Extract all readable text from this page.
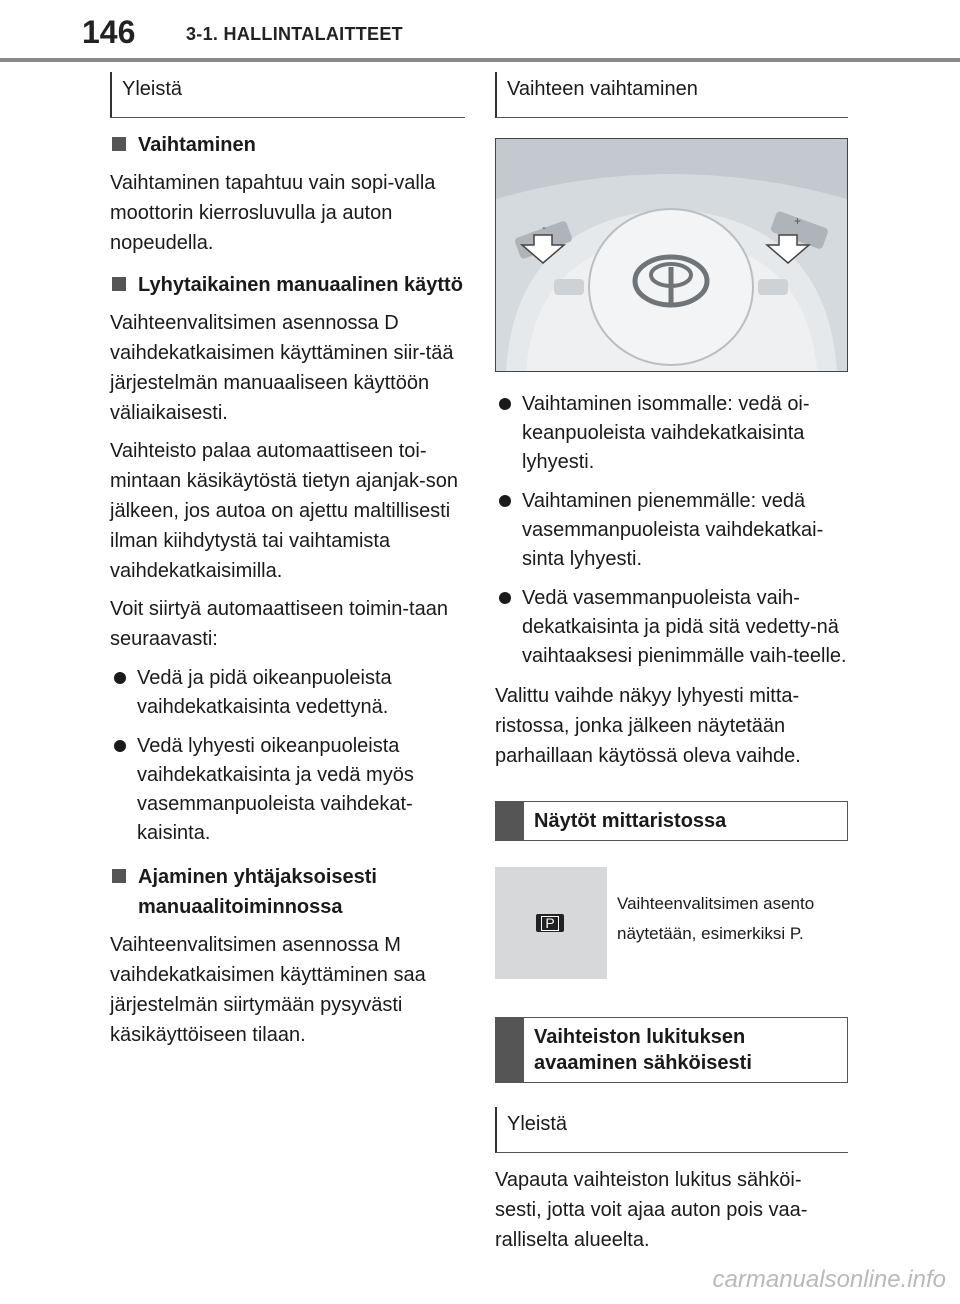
146	3-1. HALLINTALAITTEET
Yleistä
Vaihtaminen

Vaihtaminen tapahtuu vain sopi-valla moottorin kierrosluvulla ja auton nopeudella.

Lyhytaikainen manuaalinen käyttö

Vaihteenvalitsimen asennossa D vaihdekatkaisimen käyttäminen siir-tää järjestelmän manuaaliseen käyttöön väliaikaisesti.

Vaihteisto palaa automaattiseen toi-mintaan käsikäytöstä tietyn ajanjak-son jälkeen, jos autoa on ajettu maltillisesti ilman kiihdytystä tai vaihtamista vaihdekatkaisimilla.

Voit siirtyä automaattiseen toimin-taan seuraavasti:

Vedä ja pidä oikeanpuoleista vaihdekatkaisinta vedettynä.
Vedä lyhyesti oikeanpuoleista vaihdekatkaisinta ja vedä myös vasemmanpuoleista vaihdekat-kaisinta.
Ajaminen yhtäjaksoisesti manuaalitoiminnossa

Vaihteenvalitsimen asennossa M vaihdekatkaisimen käyttäminen saa järjestelmän siirtymään pysyvästi käsikäyttöiseen tilaan.

Vaihteen vaihtaminen
-	+
Vaihtaminen isommalle: vedä oi-keanpuoleista vaihdekatkaisinta lyhyesti.
Vaihtaminen pienemmälle: vedä vasemmanpuoleista vaihdekatkai-sinta lyhyesti.
Vedä vasemmanpuoleista vaih-dekatkaisinta ja pidä sitä vedetty-nä vaihtaaksesi pienimmälle vaih-teelle.

Valittu vaihde näkyy lyhyesti mitta-ristossa, jonka jälkeen näytetään parhaillaan käytössä oleva vaihde.

Näytöt mittaristossa
P
Vaihteenvalitsimen asento näytetään, esimerkiksi P.
Vaihteiston lukituksen avaaminen sähköisesti
Yleistä

Vapauta vaihteiston lukitus sähköi-sesti, jotta voit ajaa auton pois vaa-ralliselta alueelta.

carmanualsonline.info
